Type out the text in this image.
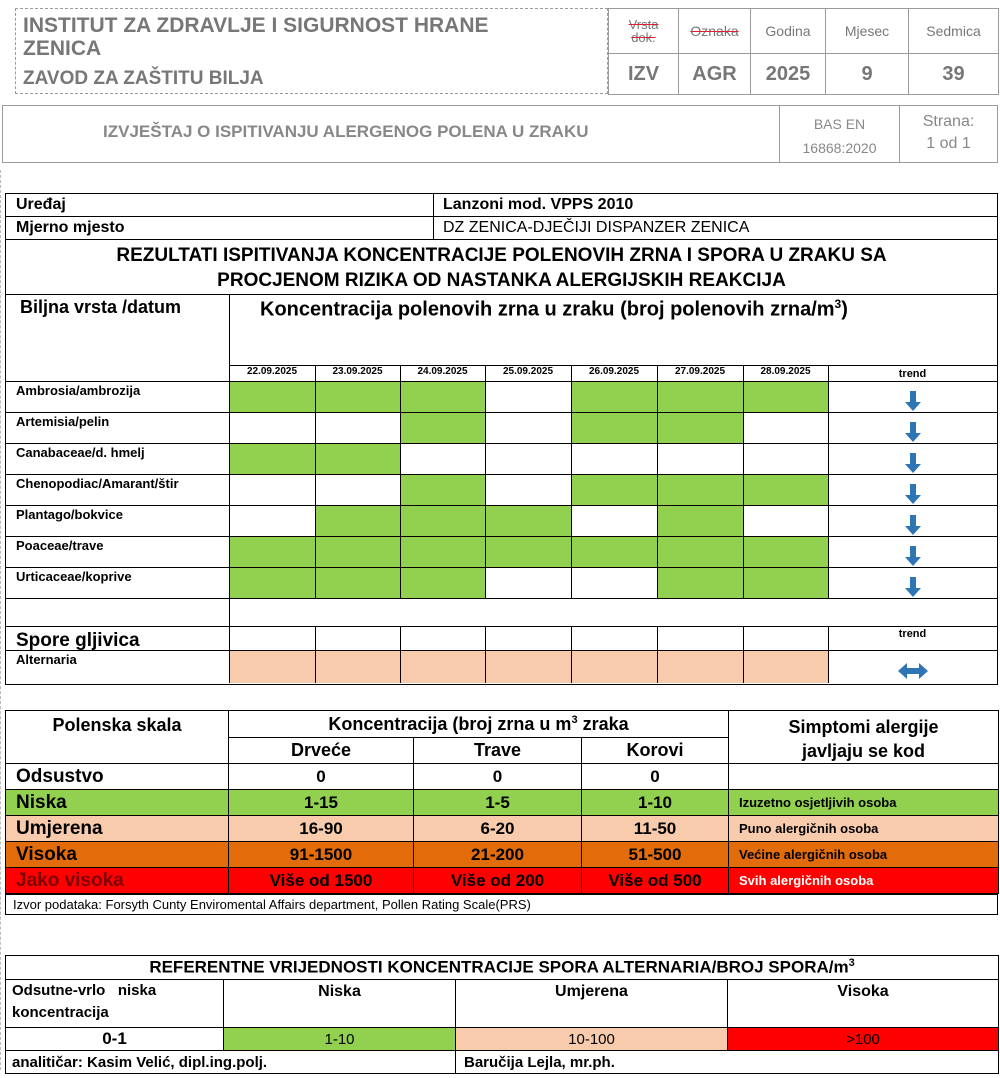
INSTITUT ZA ZDRAVLJE I SIGURNOST HRANE
ZENICA
ZAVOD ZA ZAŠTITU BILJA
Vrsta dok.	Oznaka	Godina	Mjesec	Sedmica
IZV	AGR	2025	9	39
IZVJEŠTAJ O ISPITIVANJU ALERGENOG POLENA U ZRAKU	BAS EN
16868:2020
Strana:
1 od 1
Uređaj	Lanzoni mod. VPPS 2010
Mjerno mjesto	DZ ZENICA-DJEČIJI DISPANZER ZENICA
REZULTATI ISPITIVANJA KONCENTRACIJE POLENOVIH ZRNA I SPORA U ZRAKU SA
PROCJENOM RIZIKA OD NASTANKA ALERGIJSKIH REAKCIJA
Biljna vrsta /datum	Koncentracija polenovih zrna u zraku (broj polenovih zrna/$m^3$)
22.09.2025	23.09.2025	24.09.2025	25.09.2025	26.09.2025	27.09.2025	28.09.2025	trend
Ambrosia/ambrozija
Artemisia/pelin
Canabaceae/d. hmelj
Chenopodiac/Amarant/štir
Plantago/bokvice
Poaceae/trave
Urticaceae/koprive
Spore gljivica	trend
Alternaria
Polenska skala	Koncentracija (broj zrna u $m^3$ zraka			Simptomi alergije
javljaju se kod
	Drveće	Trave	Korovi	
Odsustvo	0	0	0	
Niska	1-15	1-5	1-10	Izuzetno osjetljivih osoba
Umjerena	16-90	6-20	11-50	Puno alergičnih osoba
Visoka	91-1500	21-200	51-500	Većine alergičnih osoba
Jako visoka	Više od 1500	Više od 200	Više od 500	Svih alergičnih osoba
Izvor podataka: Forsyth Cunty Enviromental Affairs department, Pollen Rating Scale(PRS)
REFERENTNE VRIJEDNOSTI KONCENTRACIJE SPORA ALTERNARIA/BROJ SPORA/$m^3$
Odsutne-vrlo   niska
koncentracija	Niska	Umjerena	Visoka
0-1	1-10	10-100	>100
analitičar: Kasim Velić, dipl.ing.polj.		Baručija Lejla, mr.ph.	
